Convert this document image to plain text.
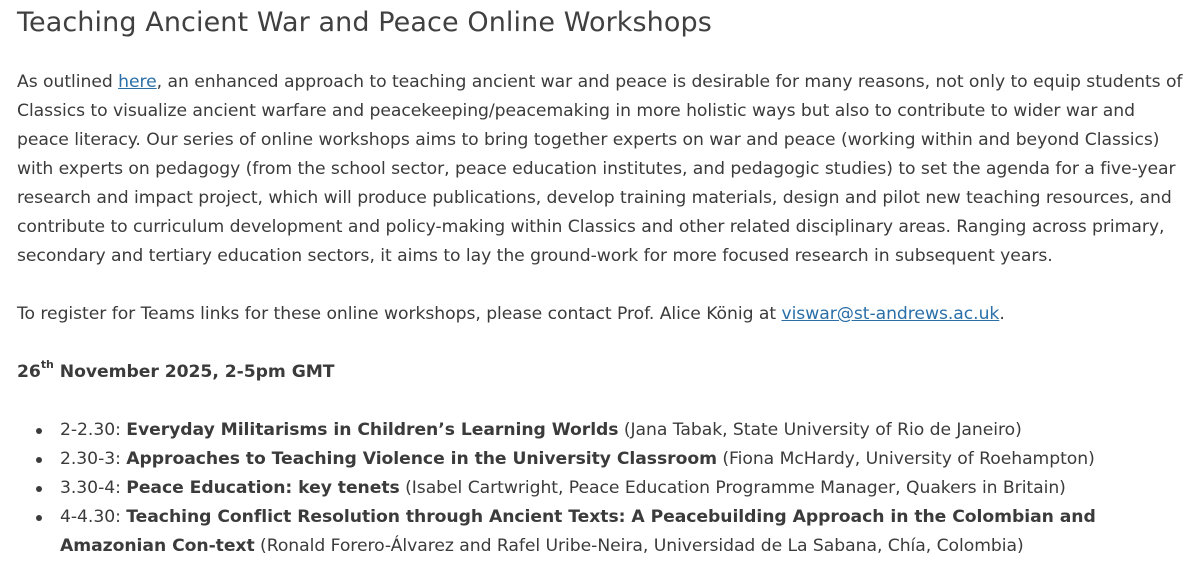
Teaching Ancient War and Peace Online Workshops

As outlined here, an enhanced approach to teaching ancient war and peace is desirable for many reasons, not only to equip students of Classics to visualize ancient warfare and peacekeeping/peacemaking in more holistic ways but also to contribute to wider war and peace literacy. Our series of online workshops aims to bring together experts on war and peace (working within and beyond Classics) with experts on pedagogy (from the school sector, peace education institutes, and pedagogic studies) to set the agenda for a five-year research and impact project, which will produce publications, develop training materials, design and pilot new teaching resources, and contribute to curriculum development and policy-making within Classics and other related disciplinary areas. Ranging across primary, secondary and tertiary education sectors, it aims to lay the ground-work for more focused research in subsequent years.

To register for Teams links for these online workshops, please contact Prof. Alice König at viswar@st-andrews.ac.uk.

26th November 2025, 2-5pm GMT

2-2.30: Everyday Militarisms in Children’s Learning Worlds (Jana Tabak, State University of Rio de Janeiro)
2.30-3: Approaches to Teaching Violence in the University Classroom (Fiona McHardy, University of Roehampton)
3.30-4: Peace Education: key tenets (Isabel Cartwright, Peace Education Programme Manager, Quakers in Britain)
4-4.30: Teaching Conflict Resolution through Ancient Texts: A Peacebuilding Approach in the Colombian and Amazonian Con-text (Ronald Forero-Álvarez and Rafel Uribe-Neira, Universidad de La Sabana, Chía, Colombia)
